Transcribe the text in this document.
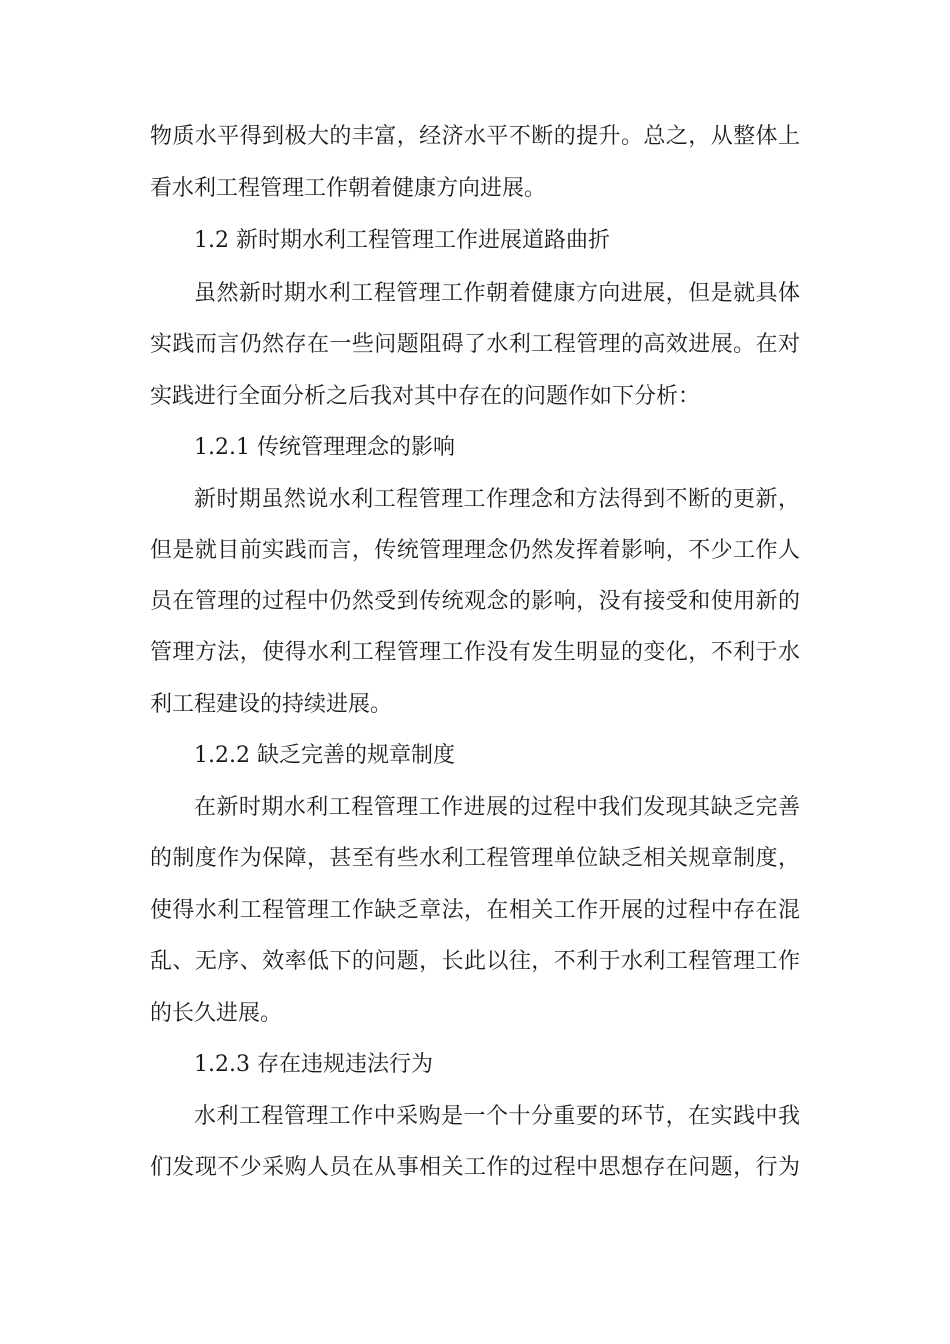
物质水平得到极大的丰富，经济水平不断的提升。总之，从整体上
看水利工程管理工作朝着健康方向进展。
1.2 新时期水利工程管理工作进展道路曲折
虽然新时期水利工程管理工作朝着健康方向进展，但是就具体
实践而言仍然存在一些问题阻碍了水利工程管理的高效进展。在对
实践进行全面分析之后我对其中存在的问题作如下分析：
1.2.1 传统管理理念的影响
新时期虽然说水利工程管理工作理念和方法得到不断的更新，
但是就目前实践而言，传统管理理念仍然发挥着影响，不少工作人
员在管理的过程中仍然受到传统观念的影响，没有接受和使用新的
管理方法，使得水利工程管理工作没有发生明显的变化，不利于水
利工程建设的持续进展。
1.2.2 缺乏完善的规章制度
在新时期水利工程管理工作进展的过程中我们发现其缺乏完善
的制度作为保障，甚至有些水利工程管理单位缺乏相关规章制度，
使得水利工程管理工作缺乏章法，在相关工作开展的过程中存在混
乱、无序、效率低下的问题，长此以往，不利于水利工程管理工作
的长久进展。
1.2.3 存在违规违法行为
水利工程管理工作中采购是一个十分重要的环节，在实践中我
们发现不少采购人员在从事相关工作的过程中思想存在问题，行为
